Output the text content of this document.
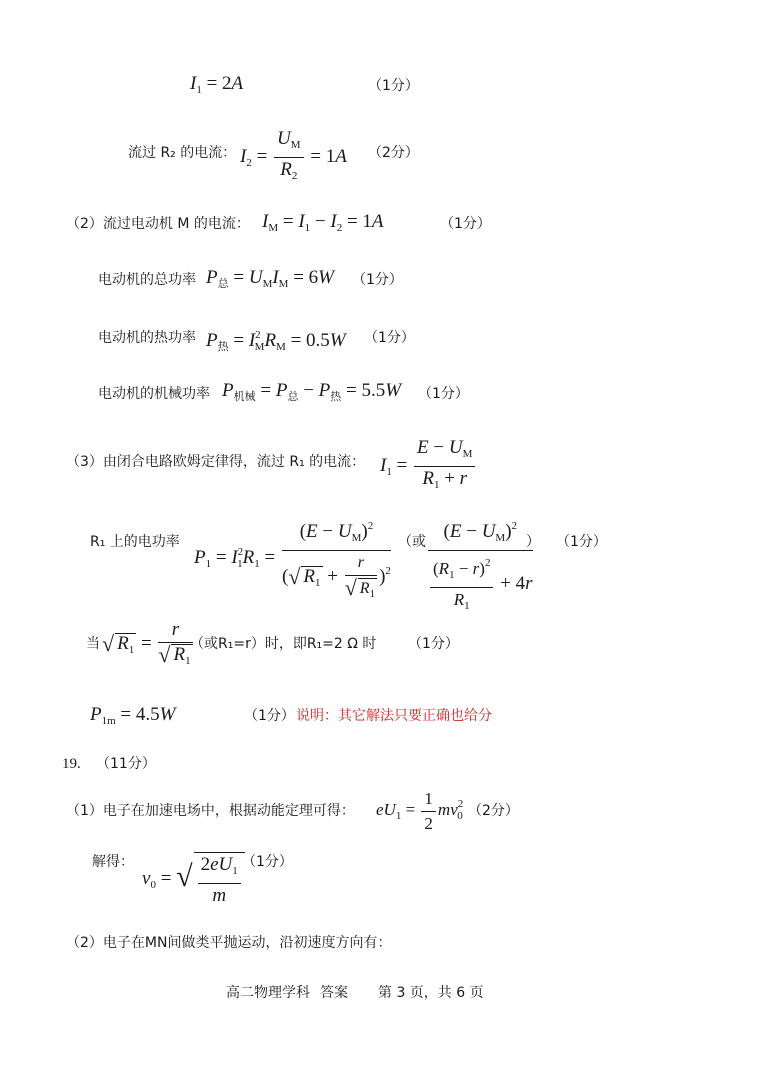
$I_1 = 2A$	（1分）
流过 R₂ 的电流： $I_2 = \frac{U_M}{R_2} = 1A$ （2分）
（2）流过电动机 M 的电流： $I_M = I_1 - I_2 = 1A$	（1分）
电动机的总功率 $P_总 = U_MI_M = 6W$ （1分）
电动机的热功率 $P_热 = I^2_MR_M = 0.5W$ （1分）
电动机的机械功率 $P_{机械} = P_总 - P_热 = 5.5W$ （1分）
（3）由闭合电路欧姆定律得，流过 R₁ 的电流： $I_1 = \frac{E - U_M}{R_1 + r}$
R₁ 上的电功率
$P_1 = I^2_1R_1 = \frac{(E - U_M)^2}{(√ R_1 + \frac{r}{√ R_1} )^2}$ （或 $\frac{(E - U_M)^2}{\frac{(R_1 - r)^2}{R_1} + 4r}$
） （1分）
当 √ $R_1 = \frac{r}{√ R_1}$
（或R₁=r）时，即R₁=2 Ω 时 （1分）
$P_{1m} = 4.5W$	（1分） 说明：其它解法只要正确也给分
19. （11分）
（1）电子在加速电场中，根据动能定理可得： $eU_1 = \frac{1}{2} mv^2_0$ （2分）
解得：
$v_0$ = √ $\frac{2eU_1}{m} (1$分）
（2）电子在MN间做类平抛运动，沿初速度方向有：
高二物理学科 答案 第 3 页，共 6 页
